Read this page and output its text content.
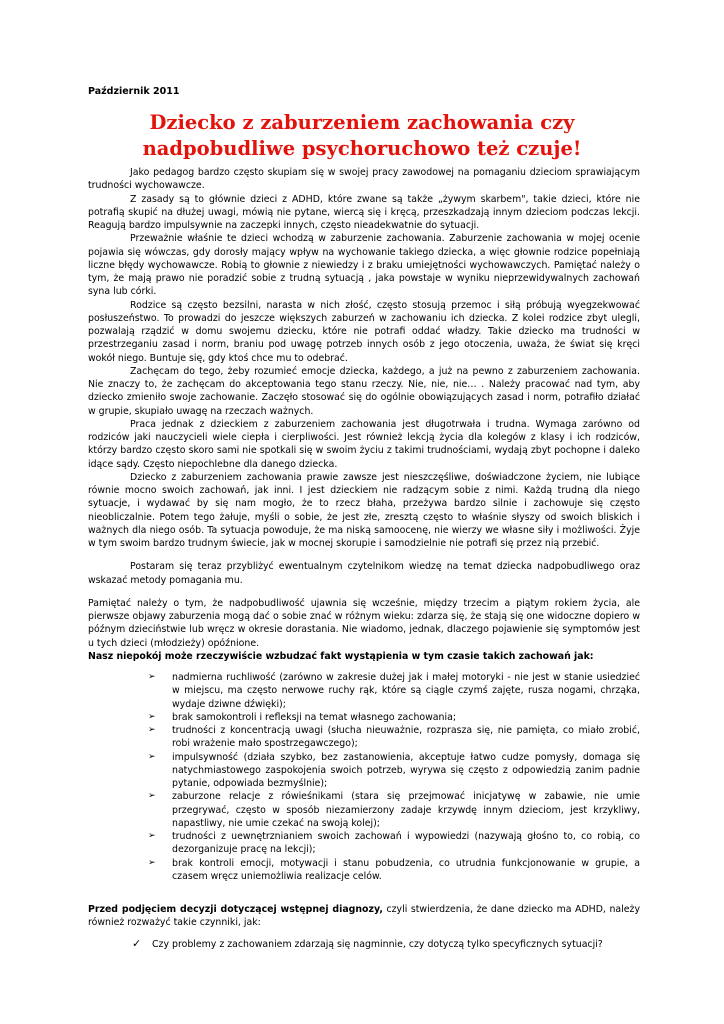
Październik 2011
Dziecko z zaburzeniem zachowania czy nadpobudliwe psychoruchowo też czuje!

Jako pedagog bardzo często skupiam się w swojej pracy zawodowej na pomaganiu dzieciom sprawiającym trudności wychowawcze.

Z zasady są to głównie dzieci z ADHD, które zwane są także „żywym skarbem", takie dzieci, które nie potrafią skupić na dłużej uwagi, mówią nie pytane, wiercą się i kręcą, przeszkadzają innym dzieciom podczas lekcji. Reagują bardzo impulsywnie na zaczepki innych, często nieadekwatnie do sytuacji.

Przeważnie właśnie te dzieci wchodzą w zaburzenie zachowania. Zaburzenie zachowania w mojej ocenie pojawia się wówczas, gdy dorosły mający wpływ na wychowanie takiego dziecka, a więc głownie rodzice popełniają liczne błędy wychowawcze. Robią to głownie z niewiedzy i z braku umiejętności wychowawczych. Pamiętać należy o tym, że mają prawo nie poradzić sobie z trudną sytuacją , jaka powstaje w wyniku nieprzewidywalnych zachowań syna lub córki.

Rodzice są często bezsilni, narasta w nich złość, często stosują przemoc i siłą próbują wyegzekwować posłuszeństwo. To prowadzi do jeszcze większych zaburzeń w zachowaniu ich dziecka. Z kolei rodzice zbyt ulegli, pozwalają rządzić w domu swojemu dziecku, które nie potrafi oddać władzy. Takie dziecko ma trudności w przestrzeganiu zasad i norm, braniu pod uwagę potrzeb innych osób z jego otoczenia, uważa, że świat się kręci wokół niego. Buntuje się, gdy ktoś chce mu to odebrać.

Zachęcam do tego, żeby rozumieć emocje dziecka, każdego, a już na pewno z zaburzeniem zachowania. Nie znaczy to, że zachęcam do akceptowania tego stanu rzeczy. Nie, nie, nie… . Należy pracować nad tym, aby dziecko zmieniło swoje zachowanie. Zaczęło stosować się do ogólnie obowiązujących zasad i norm, potrafiło działać w grupie, skupiało uwagę na rzeczach ważnych.

Praca jednak z dzieckiem z zaburzeniem zachowania jest długotrwała i trudna. Wymaga zarówno od rodziców jaki nauczycieli wiele ciepła i cierpliwości. Jest również lekcją życia dla kolegów z klasy i ich rodziców, którzy bardzo często skoro sami nie spotkali się w swoim życiu z takimi trudnościami, wydają zbyt pochopne i daleko idące sądy. Często niepochlebne dla danego dziecka.

Dziecko z zaburzeniem zachowania prawie zawsze jest nieszczęśliwe, doświadczone życiem, nie lubiące równie mocno swoich zachowań, jak inni. I jest dzieckiem nie radzącym sobie z nimi. Każdą trudną dla niego sytuacje, i wydawać by się nam mogło, że to rzecz błaha, przeżywa bardzo silnie i zachowuje się często nieobliczalnie. Potem tego żałuje, myśli o sobie, że jest złe, zresztą często to właśnie słyszy od swoich bliskich i ważnych dla niego osób. Ta sytuacja powoduje, że ma niską samoocenę, nie wierzy we własne siły i możliwości. Żyje w tym swoim bardzo trudnym świecie, jak w mocnej skorupie i samodzielnie nie potrafi się przez nią przebić.

Postaram się teraz przybliżyć ewentualnym czytelnikom wiedzę na temat dziecka nadpobudliwego oraz wskazać metody pomagania mu.

Pamiętać należy o tym, że nadpobudliwość ujawnia się wcześnie, między trzecim a piątym rokiem życia, ale pierwsze objawy zaburzenia mogą dać o sobie znać w różnym wieku: zdarza się, że stają się one widoczne dopiero w późnym dzieciństwie lub wręcz w okresie dorastania. Nie wiadomo, jednak, dlaczego pojawienie się symptomów jest u tych dzieci (młodzieży) opóźnione.

Nasz niepokój może rzeczywiście wzbudzać fakt wystąpienia w tym czasie takich zachowań jak:

➢ nadmierna ruchliwość (zarówno w zakresie dużej jak i małej motoryki - nie jest w stanie usiedzieć w miejscu, ma często nerwowe ruchy rąk, które są ciągle czymś zajęte, rusza nogami, chrząka, wydaje dziwne dźwięki);
➢ brak samokontroli i refleksji na temat własnego zachowania;
➢ trudności z koncentracją uwagi (słucha nieuważnie, rozprasza się, nie pamięta, co miało zrobić, robi wrażenie mało spostrzegawczego);
➢ impulsywność (działa szybko, bez zastanowienia, akceptuje łatwo cudze pomysły, domaga się natychmiastowego zaspokojenia swoich potrzeb, wyrywa się często z odpowiedzią zanim padnie pytanie, odpowiada bezmyślnie);
➢ zaburzone relacje z rówieśnikami (stara się przejmować inicjatywę w zabawie, nie umie przegrywać, często w sposób niezamierzony zadaje krzywdę innym dzieciom, jest krzykliwy, napastliwy, nie umie czekać na swoją kolej);
➢ trudności z uewnętrznianiem swoich zachowań i wypowiedzi (nazywają głośno to, co robią, co dezorganizuje pracę na lekcji);
➢ brak kontroli emocji, motywacji i stanu pobudzenia, co utrudnia funkcjonowanie w grupie, a czasem wręcz uniemożliwia realizacje celów.

Przed podjęciem decyzji dotyczącej wstępnej diagnozy, czyli stwierdzenia, że dane dziecko ma ADHD, należy również rozważyć takie czynniki, jak:

✓ Czy problemy z zachowaniem zdarzają się nagminnie, czy dotyczą tylko specyficznych sytuacji?
